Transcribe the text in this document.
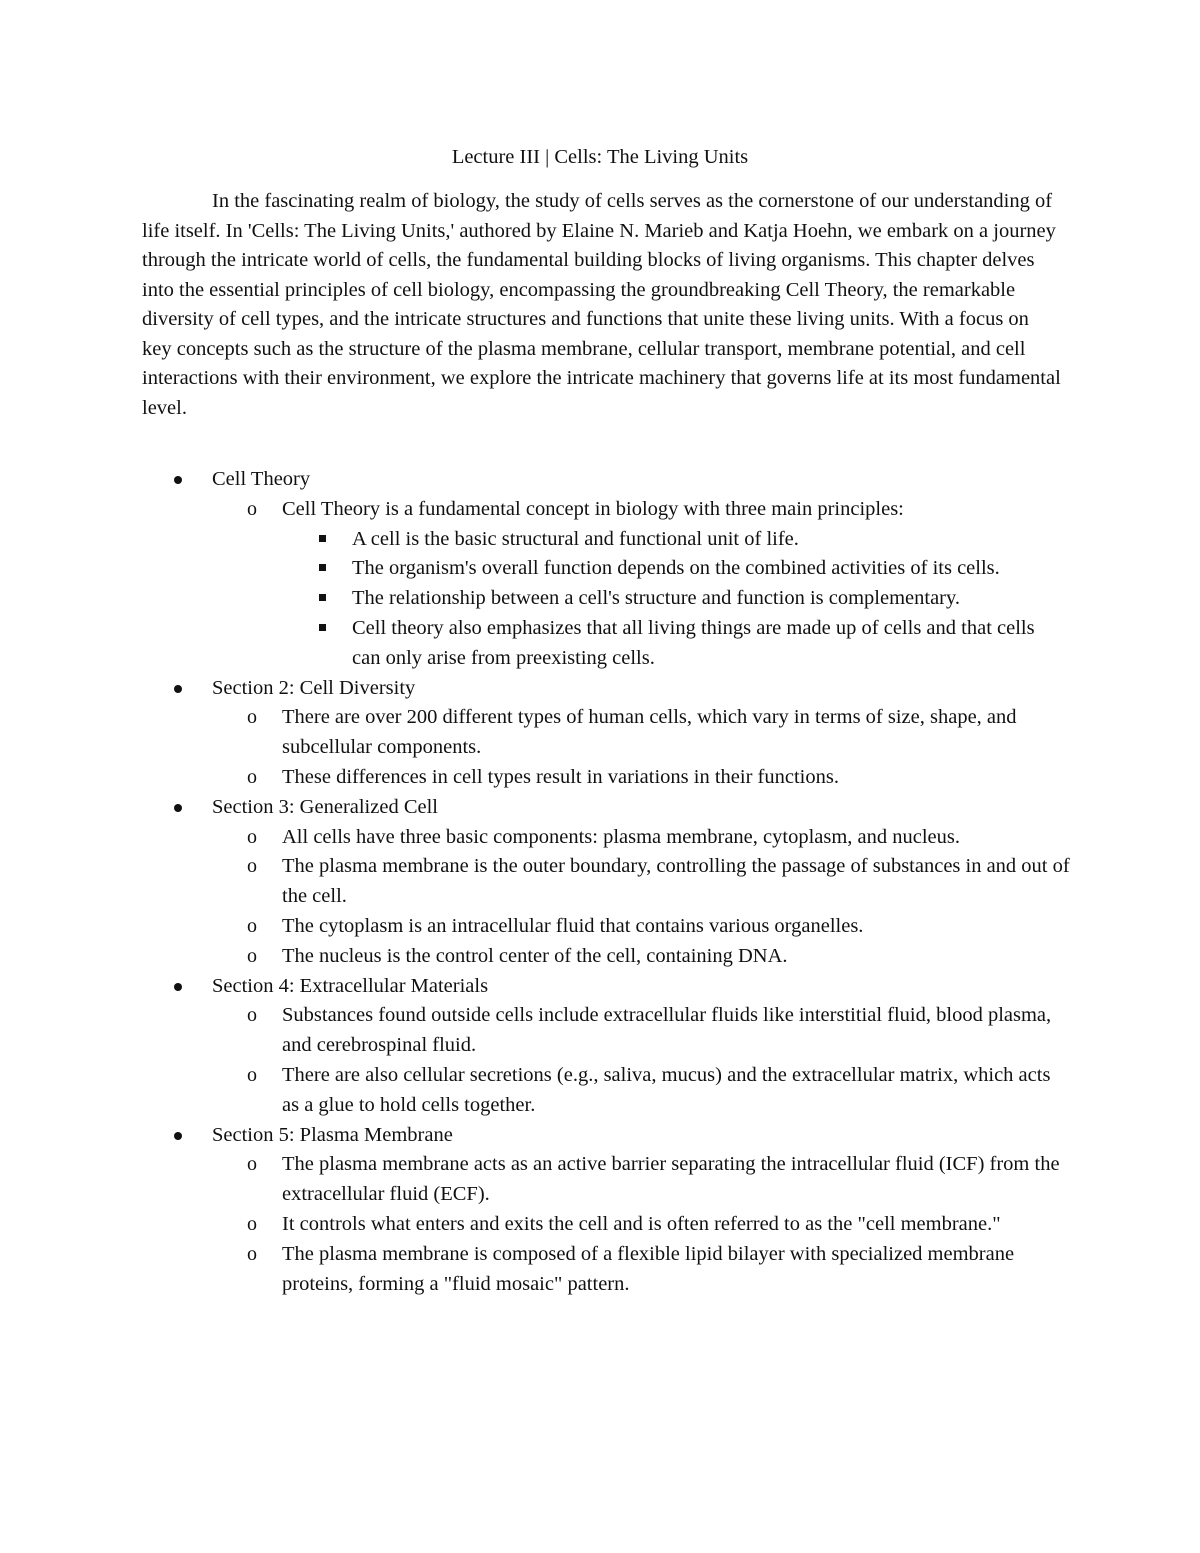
Lecture III | Cells: The Living Units

In the fascinating realm of biology, the study of cells serves as the cornerstone of our understanding of life itself. In 'Cells: The Living Units,' authored by Elaine N. Marieb and Katja Hoehn, we embark on a journey through the intricate world of cells, the fundamental building blocks of living organisms. This chapter delves into the essential principles of cell biology, encompassing the groundbreaking Cell Theory, the remarkable diversity of cell types, and the intricate structures and functions that unite these living units. With a focus on key concepts such as the structure of the plasma membrane, cellular transport, membrane potential, and cell interactions with their environment, we explore the intricate machinery that governs life at its most fundamental level.

Cell Theory
o Cell Theory is a fundamental concept in biology with three main principles:
A cell is the basic structural and functional unit of life.
The organism's overall function depends on the combined activities of its cells.
The relationship between a cell's structure and function is complementary.
Cell theory also emphasizes that all living things are made up of cells and that cells can only arise from preexisting cells.
Section 2: Cell Diversity
o There are over 200 different types of human cells, which vary in terms of size, shape, and subcellular components.
o These differences in cell types result in variations in their functions.
Section 3: Generalized Cell
o All cells have three basic components: plasma membrane, cytoplasm, and nucleus.
o The plasma membrane is the outer boundary, controlling the passage of substances in and out of the cell.
o The cytoplasm is an intracellular fluid that contains various organelles.
o The nucleus is the control center of the cell, containing DNA.
Section 4: Extracellular Materials
o Substances found outside cells include extracellular fluids like interstitial fluid, blood plasma, and cerebrospinal fluid.
o There are also cellular secretions (e.g., saliva, mucus) and the extracellular matrix, which acts as a glue to hold cells together.
Section 5: Plasma Membrane
o The plasma membrane acts as an active barrier separating the intracellular fluid (ICF) from the extracellular fluid (ECF).
o It controls what enters and exits the cell and is often referred to as the "cell membrane."
o The plasma membrane is composed of a flexible lipid bilayer with specialized membrane proteins, forming a "fluid mosaic" pattern.
